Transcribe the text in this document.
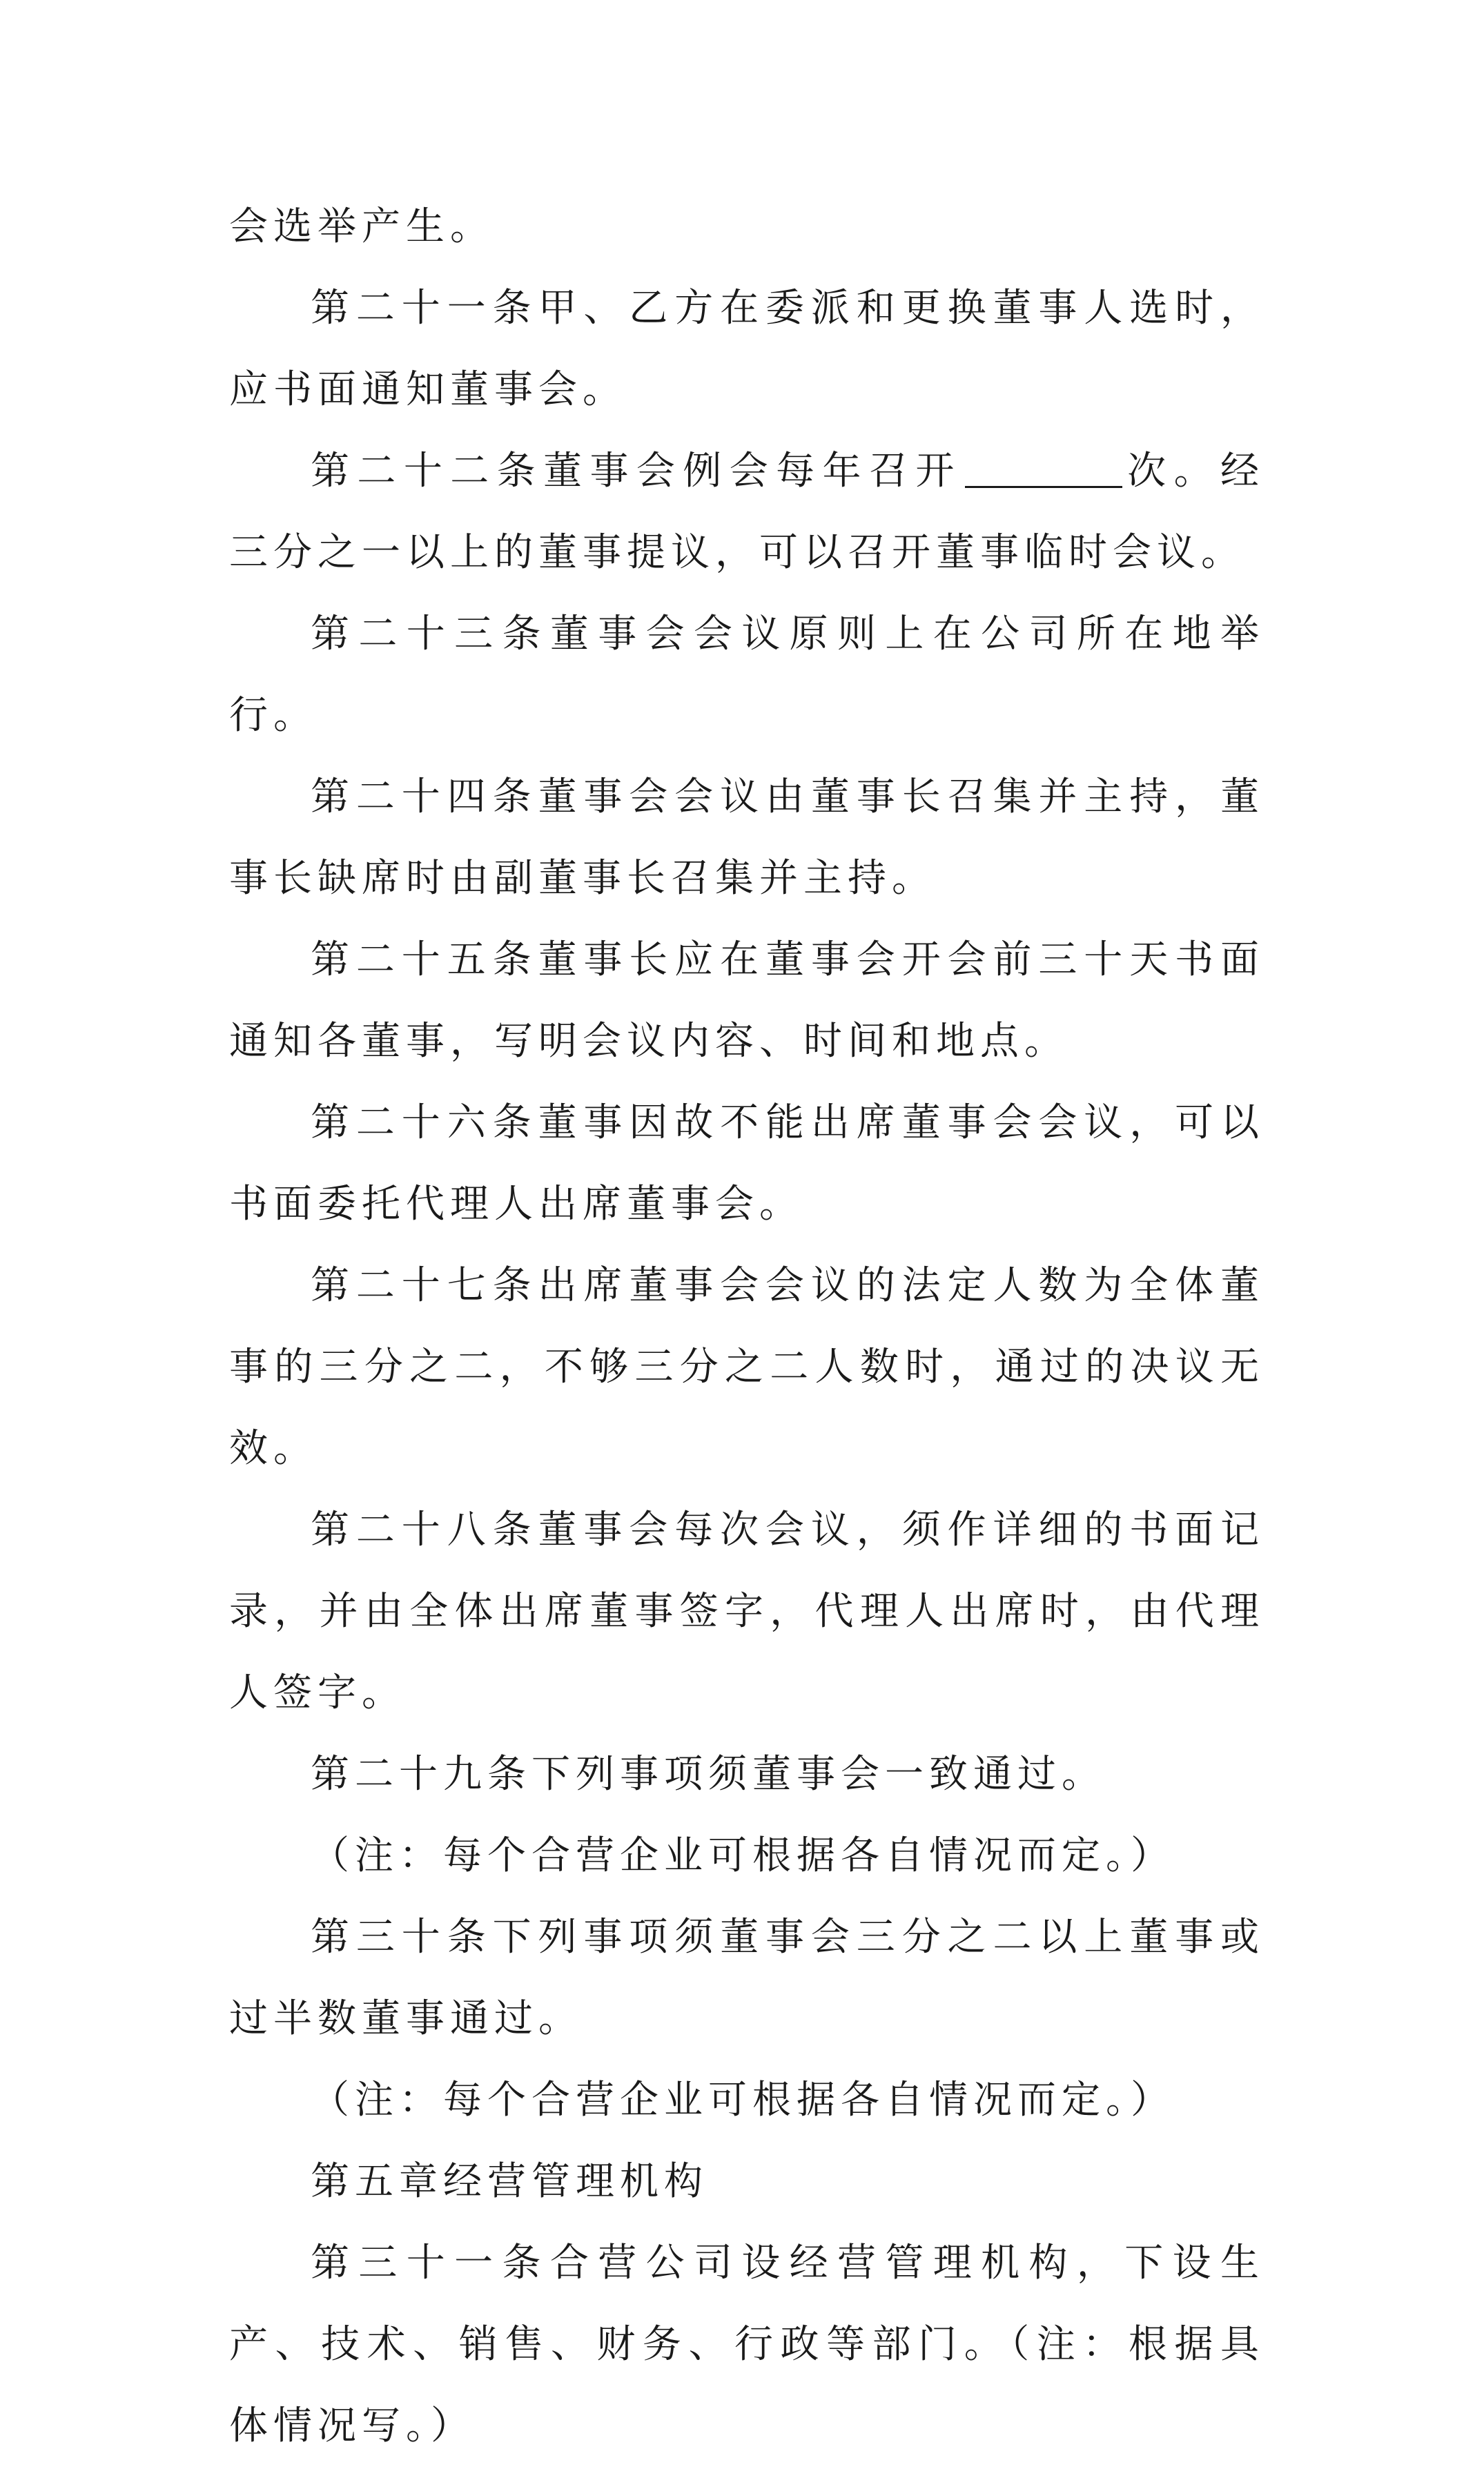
会选举产生。

第二十一条甲、乙方在委派和更换董事人选时，应书面通知董事会。

第二十二条董事会例会每年召开	次。经三分之一以上的董事提议，可以召开董事临时会议。

第二十三条董事会会议原则上在公司所在地举行。

第二十四条董事会会议由董事长召集并主持，董事长缺席时由副董事长召集并主持。

第二十五条董事长应在董事会开会前三十天书面通知各董事，写明会议内容、时间和地点。

第二十六条董事因故不能出席董事会会议，可以书面委托代理人出席董事会。

第二十七条出席董事会会议的法定人数为全体董事的三分之二，不够三分之二人数时，通过的决议无效。

第二十八条董事会每次会议，须作详细的书面记录，并由全体出席董事签字，代理人出席时，由代理人签字。

第二十九条下列事项须董事会一致通过。

（注：每个合营企业可根据各自情况而定。）

第三十条下列事项须董事会三分之二以上董事或过半数董事通过。

（注：每个合营企业可根据各自情况而定。）

第五章经营管理机构

第三十一条合营公司设经营管理机构，下设生产、技术、销售、财务、行政等部门。（注：根据具体情况写。）
